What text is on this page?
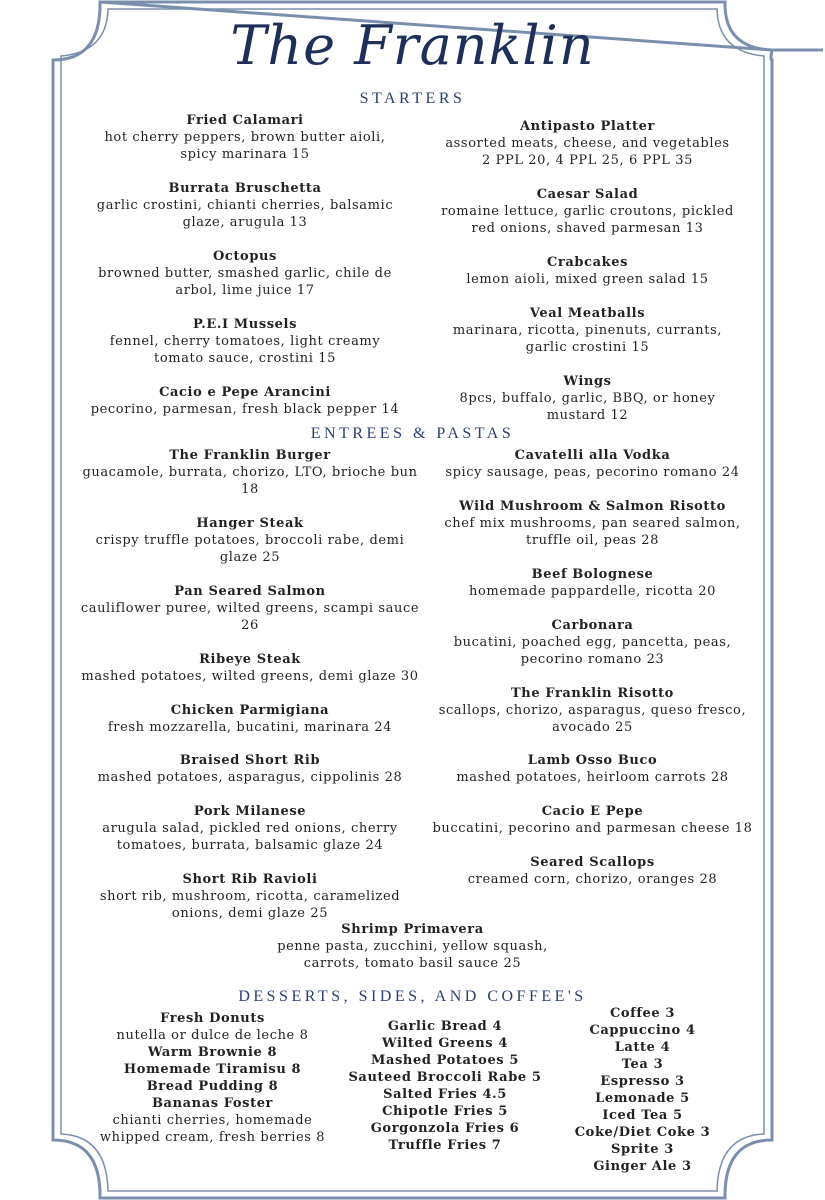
The Franklin
STARTERS
ENTREES & PASTAS
DESSERTS, SIDES, AND COFFEE'S
Fried Calamari
hot cherry peppers, brown butter aioli,
spicy marinara 15
Burrata Bruschetta
garlic crostini, chianti cherries, balsamic
glaze, arugula 13
Octopus
browned butter, smashed garlic, chile de
arbol, lime juice 17
P.E.I Mussels
fennel, cherry tomatoes, light creamy
tomato sauce, crostini 15
Cacio e Pepe Arancini
pecorino, parmesan, fresh black pepper 14
Antipasto Platter
assorted meats, cheese, and vegetables
2 PPL 20, 4 PPL 25, 6 PPL 35
Caesar Salad
romaine lettuce, garlic croutons, pickled
red onions, shaved parmesan 13
Crabcakes
lemon aioli, mixed green salad 15
Veal Meatballs
marinara, ricotta, pinenuts, currants,
garlic crostini 15
Wings
8pcs, buffalo, garlic, BBQ, or honey
mustard 12
The Franklin Burger
guacamole, burrata, chorizo, LTO, brioche bun
18
Hanger Steak
crispy truffle potatoes, broccoli rabe, demi
glaze 25
Pan Seared Salmon
cauliflower puree, wilted greens, scampi sauce
26
Ribeye Steak
mashed potatoes, wilted greens, demi glaze 30
Chicken Parmigiana
fresh mozzarella, bucatini, marinara 24
Braised Short Rib
mashed potatoes, asparagus, cippolinis 28
Pork Milanese
arugula salad, pickled red onions, cherry
tomatoes, burrata, balsamic glaze 24
Short Rib Ravioli
short rib, mushroom, ricotta, caramelized
onions, demi glaze 25
Cavatelli alla Vodka
spicy sausage, peas, pecorino romano 24
Wild Mushroom & Salmon Risotto
chef mix mushrooms, pan seared salmon,
truffle oil, peas 28
Beef Bolognese
homemade pappardelle, ricotta 20
Carbonara
bucatini, poached egg, pancetta, peas,
pecorino romano 23
The Franklin Risotto
scallops, chorizo, asparagus, queso fresco,
avocado 25
Lamb Osso Buco
mashed potatoes, heirloom carrots 28
Cacio E Pepe
buccatini, pecorino and parmesan cheese 18
Seared Scallops
creamed corn, chorizo, oranges 28
Shrimp Primavera
penne pasta, zucchini, yellow squash,
carrots, tomato basil sauce 25
Fresh Donuts
nutella or dulce de leche 8
Warm Brownie 8
Homemade Tiramisu 8
Bread Pudding 8
Bananas Foster
chianti cherries, homemade
whipped cream, fresh berries 8
Garlic Bread 4
Wilted Greens 4
Mashed Potatoes 5
Sauteed Broccoli Rabe 5
Salted Fries 4.5
Chipotle Fries 5
Gorgonzola Fries 6
Truffle Fries 7
Coffee 3
Cappuccino 4
Latte 4
Tea 3
Espresso 3
Lemonade 5
Iced Tea 5
Coke/Diet Coke 3
Sprite 3
Ginger Ale 3
